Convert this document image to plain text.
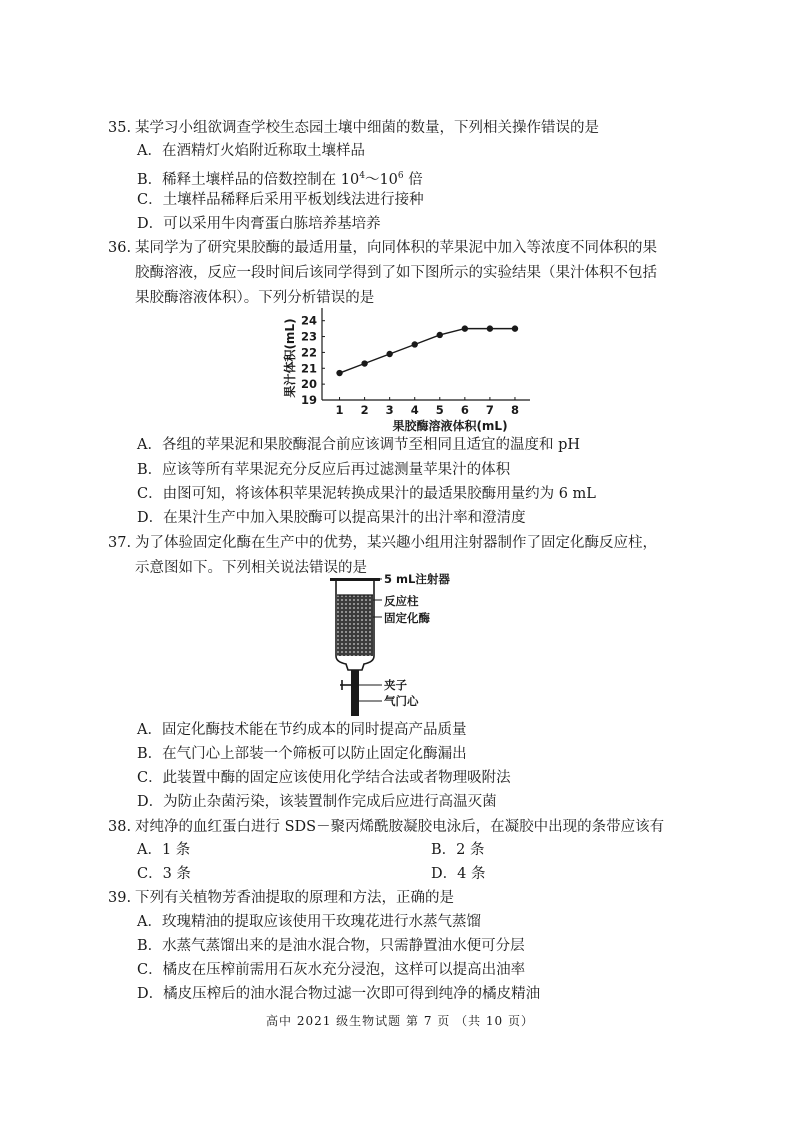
35. 某学习小组欲调查学校生态园土壤中细菌的数量，下列相关操作错误的是
A．在酒精灯火焰附近称取土壤样品
B．稀释土壤样品的倍数控制在 $10^4\sim 10^6$ 倍
C．土壤样品稀释后采用平板划线法进行接种
D．可以采用牛肉膏蛋白胨培养基培养
36. 某同学为了研究果胶酶的最适用量，向同体积的苹果泥中加入等浓度不同体积的果
胶酶溶液，反应一段时间后该同学得到了如下图所示的实验结果（果汁体积不包括
果胶酶溶液体积）。下列分析错误的是
1 2 3 4 5 6 7 8
19
20
21
22
23
24
果汁体积(mL)
果胶酶溶液体积(mL)
A．各组的苹果泥和果胶酶混合前应该调节至相同且适宜的温度和 pH
B．应该等所有苹果泥充分反应后再过滤测量苹果汁的体积
C．由图可知，将该体积苹果泥转换成果汁的最适果胶酶用量约为 6 mL
D．在果汁生产中加入果胶酶可以提高果汁的出汁率和澄清度
37. 为了体验固定化酶在生产中的优势，某兴趣小组用注射器制作了固定化酶反应柱，
示意图如下。下列相关说法错误的是
5 mL注射器
反应柱
固定化酶
夹子
气门心
A．固定化酶技术能在节约成本的同时提高产品质量
B．在气门心上部装一个筛板可以防止固定化酶漏出
C．此装置中酶的固定应该使用化学结合法或者物理吸附法
D．为防止杂菌污染，该装置制作完成后应进行高温灭菌
38. 对纯净的血红蛋白进行 SDS－聚丙烯酰胺凝胶电泳后，在凝胶中出现的条带应该有
A．1 条	B．2 条
C．3 条	D．4 条
39. 下列有关植物芳香油提取的原理和方法，正确的是
A．玫瑰精油的提取应该使用干玫瑰花进行水蒸气蒸馏
B．水蒸气蒸馏出来的是油水混合物，只需静置油水便可分层
C．橘皮在压榨前需用石灰水充分浸泡，这样可以提高出油率
D．橘皮压榨后的油水混合物过滤一次即可得到纯净的橘皮精油
高中 2021 级生物试题 第 7 页 （共 10 页）
